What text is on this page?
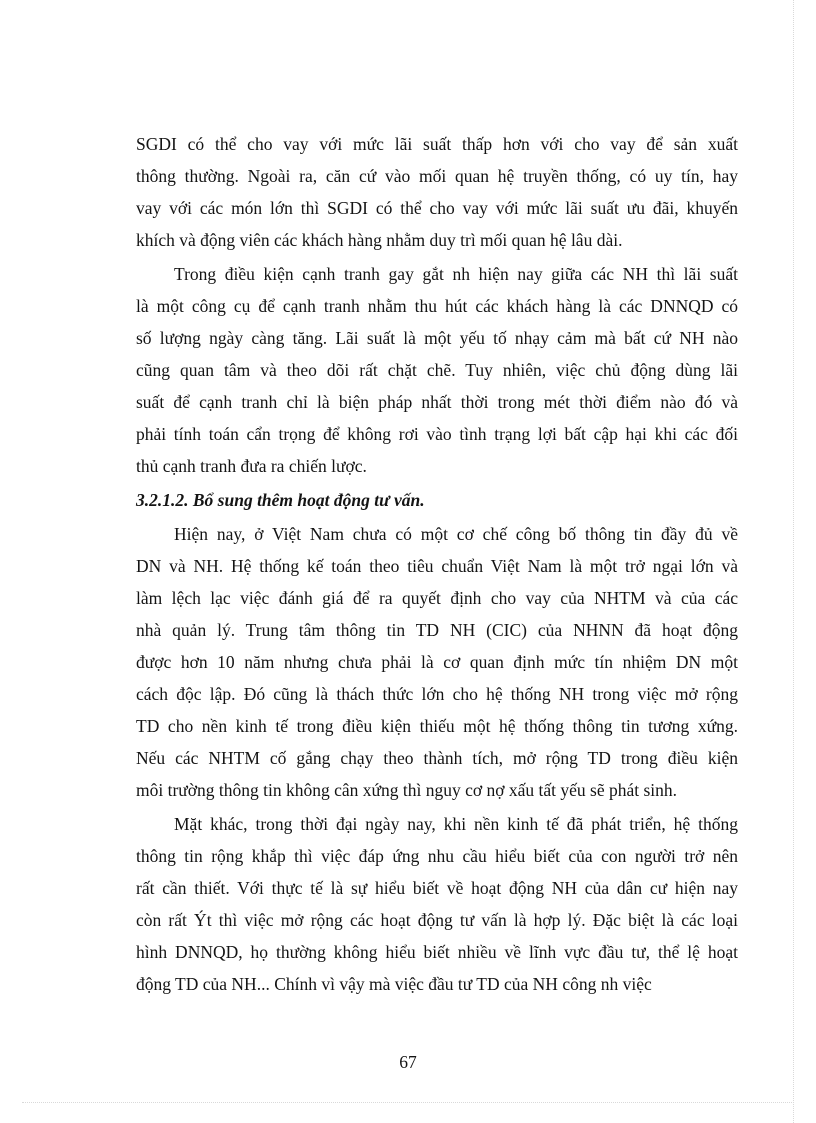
SGDI có thể cho vay với mức lãi suất thấp hơn với cho vay để sản xuất
thông thường. Ngoài ra, căn cứ vào mối quan hệ truyền thống, có uy tín, hay
vay với các món lớn thì SGDI có thể cho vay với mức lãi suất ưu đãi, khuyến
khích và động viên các khách hàng nhằm duy trì mối quan hệ lâu dài.
Trong điều kiện cạnh tranh gay gắt nh hiện nay giữa các NH thì lãi suất
là một công cụ để cạnh tranh nhằm thu hút các khách hàng là các DNNQD có
số lượng ngày càng tăng. Lãi suất là một yếu tố nhạy cảm mà bất cứ NH nào
cũng quan tâm và theo dõi rất chặt chẽ. Tuy nhiên, việc chủ động dùng lãi
suất để cạnh tranh chỉ là biện pháp nhất thời trong mét thời điểm nào đó và
phải tính toán cẩn trọng để không rơi vào tình trạng lợi bất cập hại khi các đối
thủ cạnh tranh đưa ra chiến lược.
3.2.1.2. Bổ sung thêm hoạt động tư vấn.
Hiện nay, ở Việt Nam chưa có một cơ chế công bố thông tin đầy đủ về
DN và NH. Hệ thống kế toán theo tiêu chuẩn Việt Nam là một trở ngại lớn và
làm lệch lạc việc đánh giá để ra quyết định cho vay của NHTM và của các
nhà quản lý. Trung tâm thông tin TD NH (CIC) của NHNN đã hoạt động
được hơn 10 năm nhưng chưa phải là cơ quan định mức tín nhiệm DN một
cách độc lập. Đó cũng là thách thức lớn cho hệ thống NH trong việc mở rộng
TD cho nền kinh tế trong điều kiện thiếu một hệ thống thông tin tương xứng.
Nếu các NHTM cố gắng chạy theo thành tích, mở rộng TD trong điều kiện
môi trường thông tin không cân xứng thì nguy cơ nợ xấu tất yếu sẽ phát sinh.
Mặt khác, trong thời đại ngày nay, khi nền kinh tế đã phát triển, hệ thống
thông tin rộng khắp thì việc đáp ứng nhu cầu hiểu biết của con người trở nên
rất cần thiết. Với thực tế là sự hiểu biết về hoạt động NH của dân cư hiện nay
còn rất Ýt thì việc mở rộng các hoạt động tư vấn là hợp lý. Đặc biệt là các loại
hình DNNQD, họ thường không hiểu biết nhiều về lĩnh vực đầu tư, thể lệ hoạt
động TD của NH... Chính vì vậy mà việc đầu tư TD của NH công nh việc
67
